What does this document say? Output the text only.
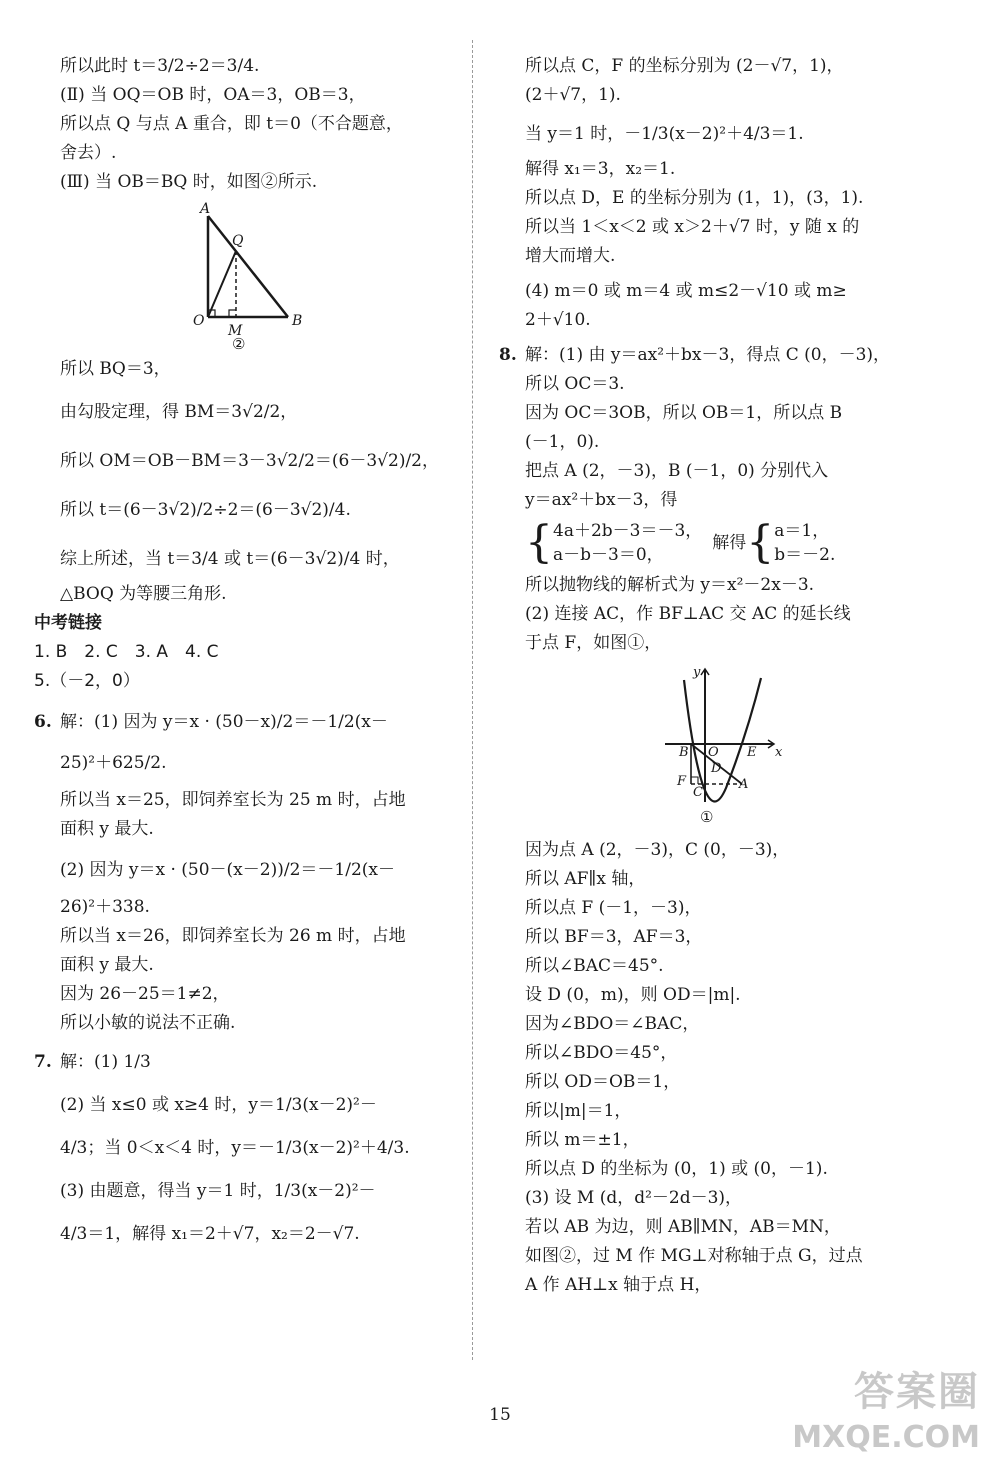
所以此时 t＝3/2÷2＝3/4.
(Ⅱ) 当 OQ＝OB 时，OA＝3，OB＝3，
所以点 Q 与点 A 重合，即 t＝0（不合题意，
舍去）.
(Ⅲ) 当 OB＝BQ 时，如图②所示.
A
Q
O
M
B
②
所以 BQ＝3，
由勾股定理，得 BM＝3√2/2，
所以 OM＝OB－BM＝3－3√2/2＝(6－3√2)/2，
所以 t＝(6－3√2)/2÷2＝(6－3√2)/4.
综上所述，当 t＝3/4 或 t＝(6－3√2)/4 时，
△BOQ 为等腰三角形.
中考链接
1. B　2. C　3. A　4. C
5.（－2，0）
6. 解：(1) 因为 y＝x · (50－x)/2＝－1/2(x－
25)²＋625/2.
所以当 x＝25，即饲养室长为 25 m 时，占地
面积 y 最大.
(2) 因为 y＝x · (50－(x－2))/2＝－1/2(x－
26)²＋338.
所以当 x＝26，即饲养室长为 26 m 时，占地
面积 y 最大.
因为 26－25＝1≠2，
所以小敏的说法不正确.
7. 解：(1) 1/3
(2) 当 x≤0 或 x≥4 时，y＝1/3(x－2)²－
4/3；当 0＜x＜4 时，y＝－1/3(x－2)²＋4/3.
(3) 由题意，得当 y＝1 时，1/3(x－2)²－
4/3＝1，解得 x₁＝2＋√7，x₂＝2－√7.
所以点 C，F 的坐标分别为 (2－√7，1)，
(2＋√7，1).
当 y＝1 时，－1/3(x－2)²＋4/3＝1.
解得 x₁＝3，x₂＝1.
所以点 D，E 的坐标分别为 (1，1)，(3，1).
所以当 1＜x＜2 或 x＞2＋√7 时，y 随 x 的
增大而增大.
(4) m＝0 或 m＝4 或 m≤2－√10 或 m≥
2＋√10.
8. 解：(1) 由 y＝ax²＋bx－3，得点 C (0，－3)，
所以 OC＝3.
因为 OC＝3OB，所以 OB＝1，所以点 B
(－1，0).
把点 A (2，－3)，B (－1，0) 分别代入
y＝ax²＋bx－3，得
{ 4a＋2b－3＝－3，
a－b－3＝0，
解得 { a＝1，
b＝－2.
所以抛物线的解析式为 y＝x²－2x－3.
(2) 连接 AC，作 BF⊥AC 交 AC 的延长线
于点 F，如图①，
y
x
B O E
D
F
C
A
①
因为点 A (2，－3)，C (0，－3)，
所以 AF∥x 轴，
所以点 F (－1，－3)，
所以 BF＝3，AF＝3，
所以∠BAC＝45°.
设 D (0，m)，则 OD＝|m|.
因为∠BDO＝∠BAC，
所以∠BDO＝45°，
所以 OD＝OB＝1，
所以|m|＝1，
所以 m＝±1，
所以点 D 的坐标为 (0，1) 或 (0，－1).
(3) 设 M (d，d²－2d－3)，
若以 AB 为边，则 AB∥MN，AB＝MN，
如图②，过 M 作 MG⊥对称轴于点 G，过点
A 作 AH⊥x 轴于点 H，
15	答案圈
MXQE.COM
